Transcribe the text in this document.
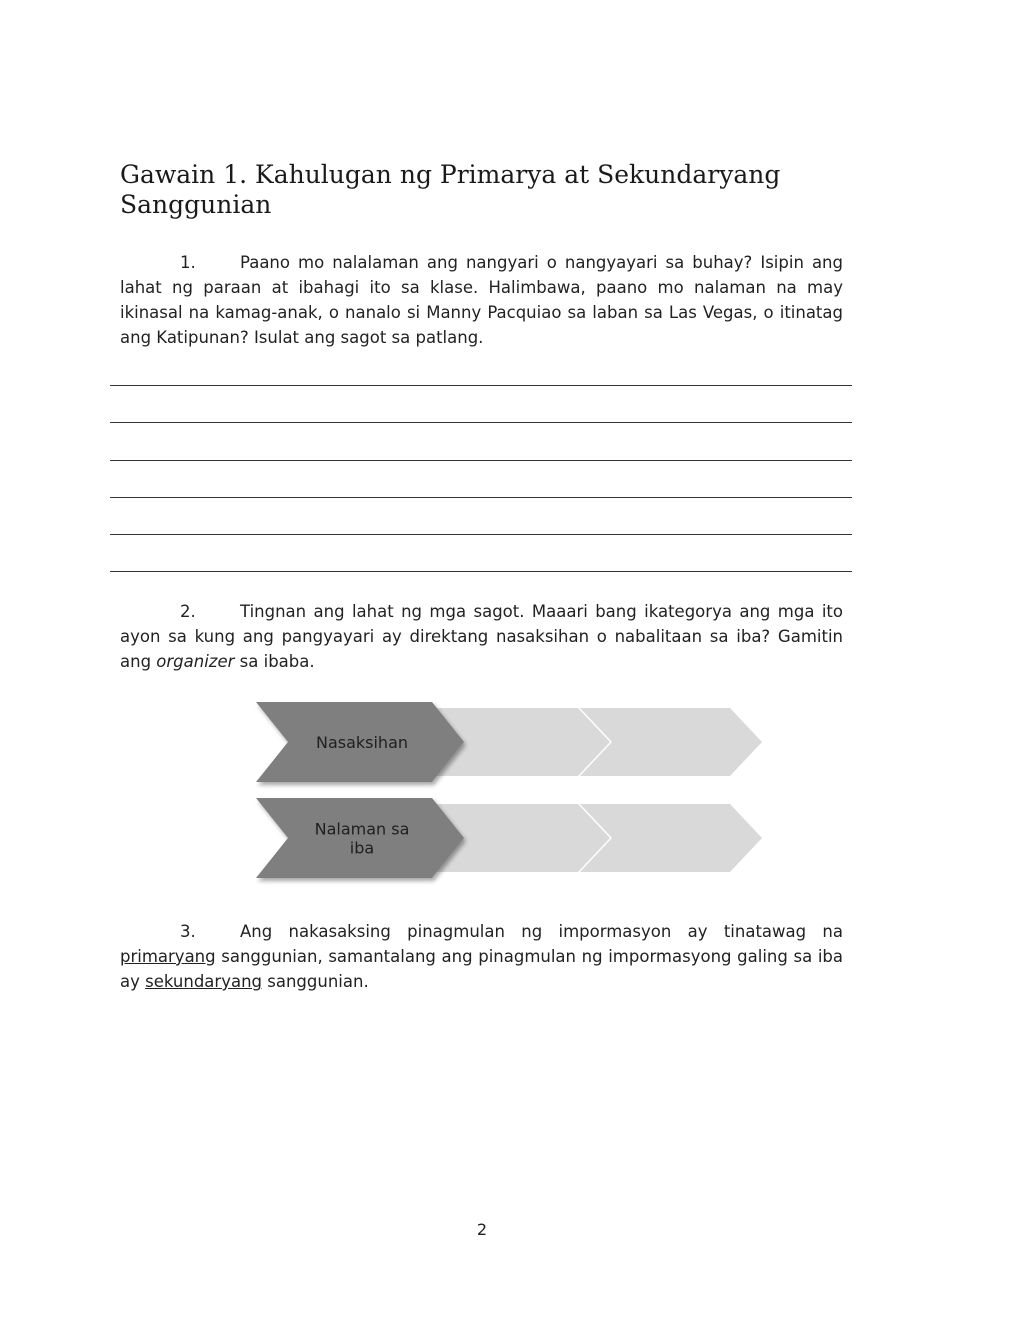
Gawain 1. Kahulugan ng Primarya at Sekundaryang Sanggunian
1.	Paano mo nalalaman ang nangyari o nangyayari sa buhay? Isipin ang lahat ng paraan at ibahagi ito sa klase. Halimbawa, paano mo nalaman na may ikinasal na kamag-anak, o nanalo si Manny Pacquiao sa laban sa Las Vegas, o itinatag ang Katipunan? Isulat ang sagot sa patlang.
2.	Tingnan ang lahat ng mga sagot. Maaari bang ikategorya ang mga ito ayon sa kung ang pangyayari ay direktang nasaksihan o nabalitaan sa iba? Gamitin ang organizer sa ibaba.
Nasaksihan
Nalaman sa
iba
3.	Ang nakasaksing pinagmulan ng impormasyon ay tinatawag na primaryang sanggunian, samantalang ang pinagmulan ng impormasyong galing sa iba ay sekundaryang sanggunian.
2
